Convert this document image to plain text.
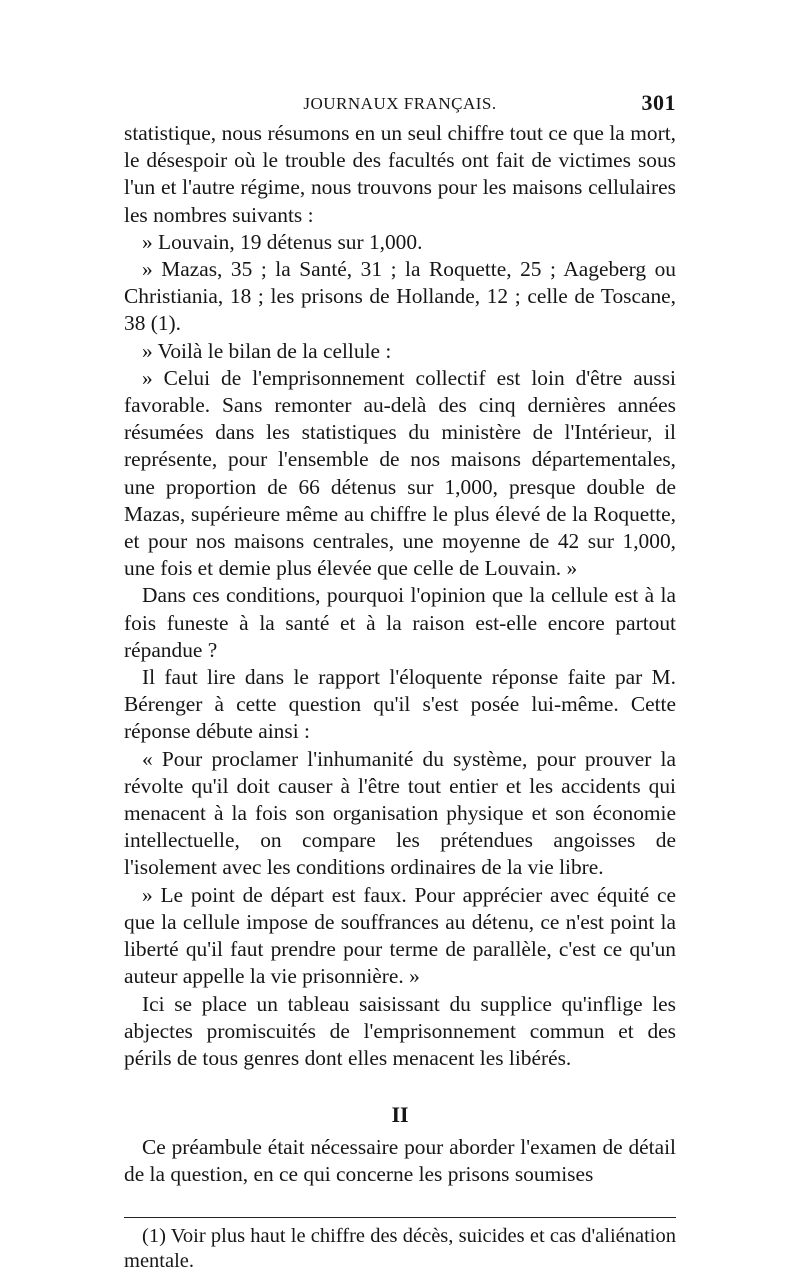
JOURNAUX FRANÇAIS.	301

statistique, nous résumons en un seul chiffre tout ce que la mort, le désespoir où le trouble des facultés ont fait de victimes sous l'un et l'autre régime, nous trouvons pour les maisons cellulaires les nombres suivants :

» Louvain, 19 détenus sur 1,000.

» Mazas, 35 ; la Santé, 31 ; la Roquette, 25 ; Aageberg ou Christiania, 18 ; les prisons de Hollande, 12 ; celle de Toscane, 38 (1).

» Voilà le bilan de la cellule :

» Celui de l'emprisonnement collectif est loin d'être aussi favorable. Sans remonter au-delà des cinq dernières années résumées dans les statistiques du ministère de l'Intérieur, il représente, pour l'ensemble de nos maisons départementales, une proportion de 66 détenus sur 1,000, presque double de Mazas, supérieure même au chiffre le plus élevé de la Roquette, et pour nos maisons centrales, une moyenne de 42 sur 1,000, une fois et demie plus élevée que celle de Louvain. »

Dans ces conditions, pourquoi l'opinion que la cellule est à la fois funeste à la santé et à la raison est-elle encore partout répandue ?

Il faut lire dans le rapport l'éloquente réponse faite par M. Bérenger à cette question qu'il s'est posée lui-même. Cette réponse débute ainsi :

« Pour proclamer l'inhumanité du système, pour prouver la révolte qu'il doit causer à l'être tout entier et les accidents qui menacent à la fois son organisation physique et son économie intellectuelle, on compare les prétendues angoisses de l'isolement avec les conditions ordinaires de la vie libre.

» Le point de départ est faux. Pour apprécier avec équité ce que la cellule impose de souffrances au détenu, ce n'est point la liberté qu'il faut prendre pour terme de parallèle, c'est ce qu'un auteur appelle la vie prisonnière. »

Ici se place un tableau saisissant du supplice qu'inflige les abjectes promiscuités de l'emprisonnement commun et des périls de tous genres dont elles menacent les libérés.

II

Ce préambule était nécessaire pour aborder l'examen de détail de la question, en ce qui concerne les prisons soumises

(1) Voir plus haut le chiffre des décès, suicides et cas d'aliénation mentale.
